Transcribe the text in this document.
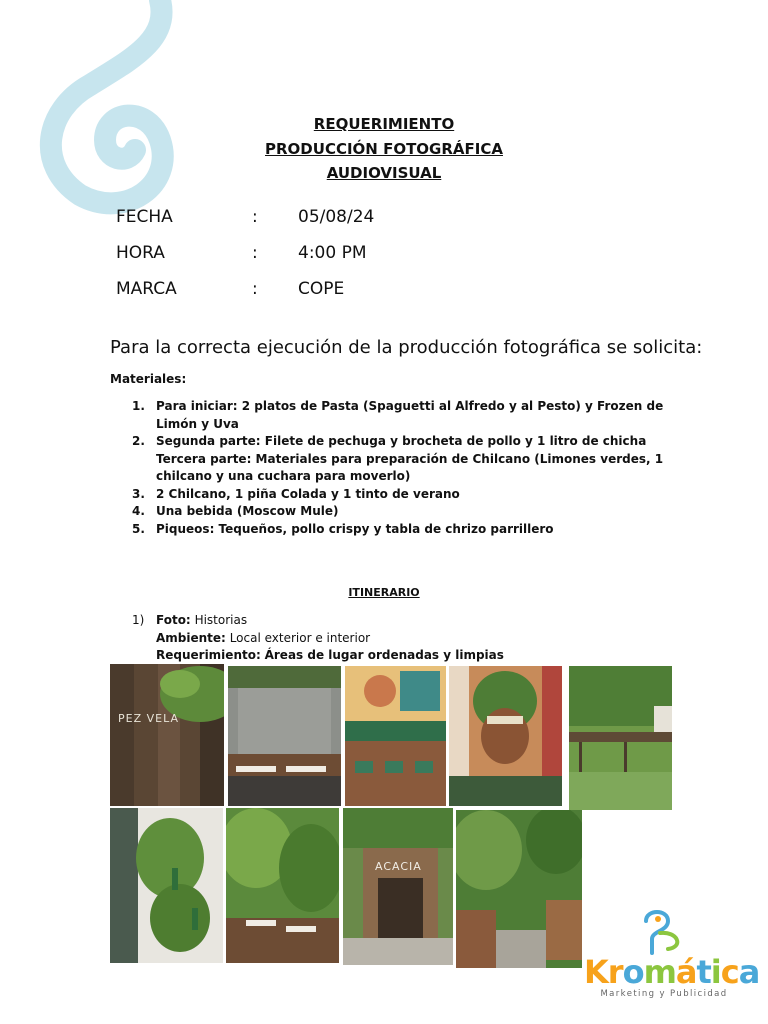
REQUERIMIENTO
PRODUCCIÓN FOTOGRÁFICA
AUDIOVISUAL
FECHA	: 05/08/24
HORA	: 4:00 PM
MARCA	: COPE
Para la correcta ejecución de la producción fotográfica se solicita:
Materiales:
1. Para iniciar: 2 platos de Pasta (Spaguetti al Alfredo y al Pesto) y Frozen de Limón y Uva
2. Segunda parte: Filete de pechuga y brocheta de pollo y 1 litro de chicha
Tercera parte: Materiales para preparación de Chilcano (Limones verdes, 1 chilcano y una cuchara para moverlo)
3. 2 Chilcano, 1 piña Colada y 1 tinto de verano
4. Una bebida (Moscow Mule)
5. Piqueos: Tequeños, pollo crispy y tabla de chrizo parrillero
ITINERARIO
1) Foto: Historias
Ambiente: Local exterior e interior
Requerimiento: Áreas de lugar ordenadas y limpias
PEZ VELA
ACACIA
Kromática
Marketing y Publicidad
